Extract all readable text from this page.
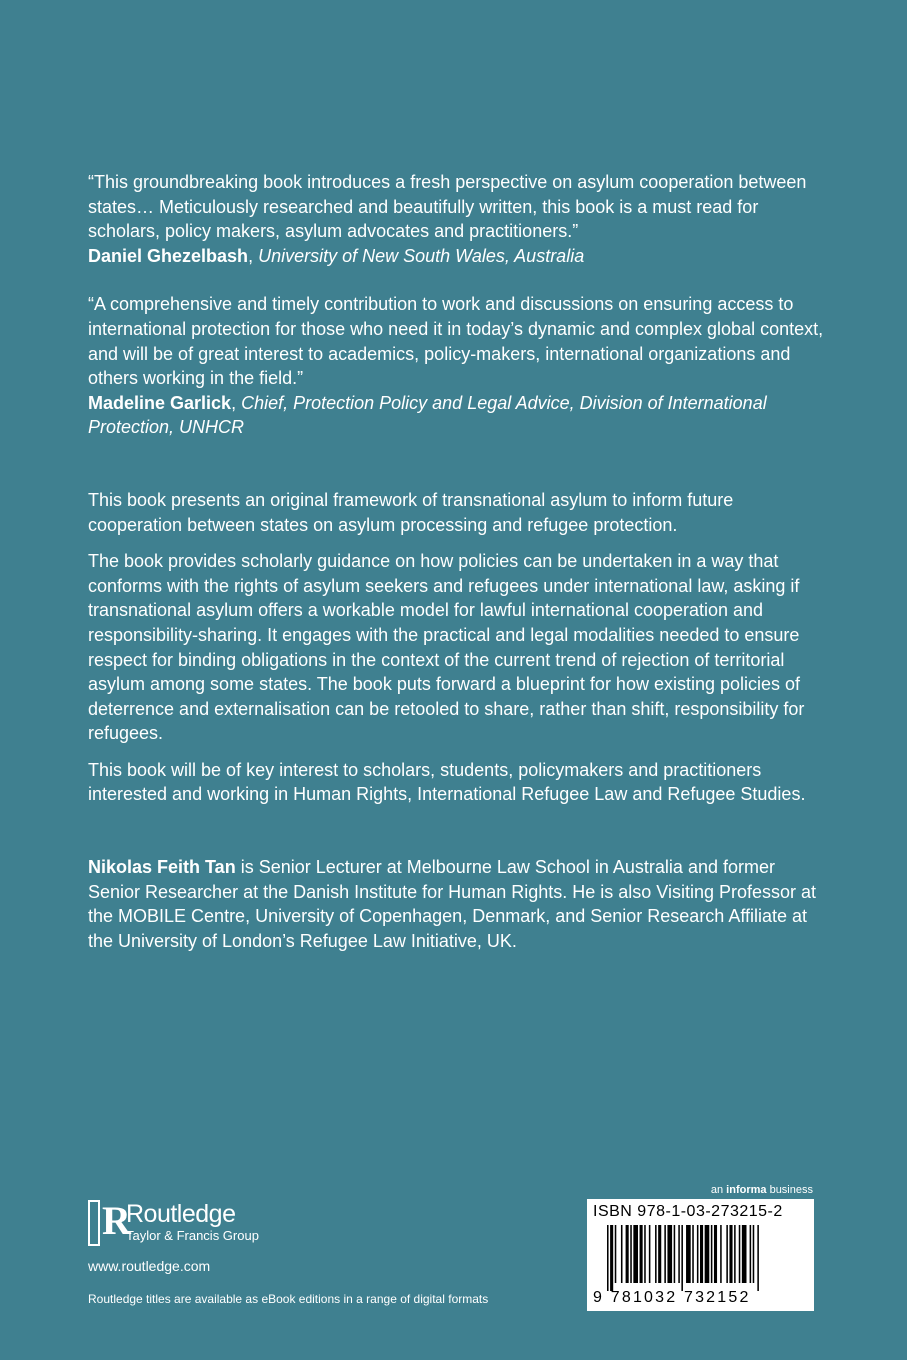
“This groundbreaking book introduces a fresh perspective on asylum cooperation between states… Meticulously researched and beautifully written, this book is a must read for scholars, policy makers, asylum advocates and practitioners.”
Daniel Ghezelbash, University of New South Wales, Australia
“A comprehensive and timely contribution to work and discussions on ensuring access to international protection for those who need it in today’s dynamic and complex global context, and will be of great interest to academics, policy-makers, international organizations and others working in the field.”
Madeline Garlick, Chief, Protection Policy and Legal Advice, Division of International Protection, UNHCR

This book presents an original framework of transnational asylum to inform future cooperation between states on asylum processing and refugee protection.

The book provides scholarly guidance on how policies can be undertaken in a way that conforms with the rights of asylum seekers and refugees under international law, asking if transnational asylum offers a workable model for lawful international cooperation and responsibility-sharing. It engages with the practical and legal modalities needed to ensure respect for binding obligations in the context of the current trend of rejection of territorial asylum among some states. The book puts forward a blueprint for how existing policies of deterrence and externalisation can be retooled to share, rather than shift, responsibility for refugees.

This book will be of key interest to scholars, students, policymakers and practitioners interested and working in Human Rights, International Refugee Law and Refugee Studies.

Nikolas Feith Tan is Senior Lecturer at Melbourne Law School in Australia and former Senior Researcher at the Danish Institute for Human Rights. He is also Visiting Professor at the MOBILE Centre, University of Copenhagen, Denmark, and Senior Research Affiliate at the University of London’s Refugee Law Initiative, UK.
R
Routledge
Taylor & Francis Group
www.routledge.com
Routledge titles are available as eBook editions in a range of digital formats
an informa business
ISBN 978-1-03-273215-2
9 781032 732152
